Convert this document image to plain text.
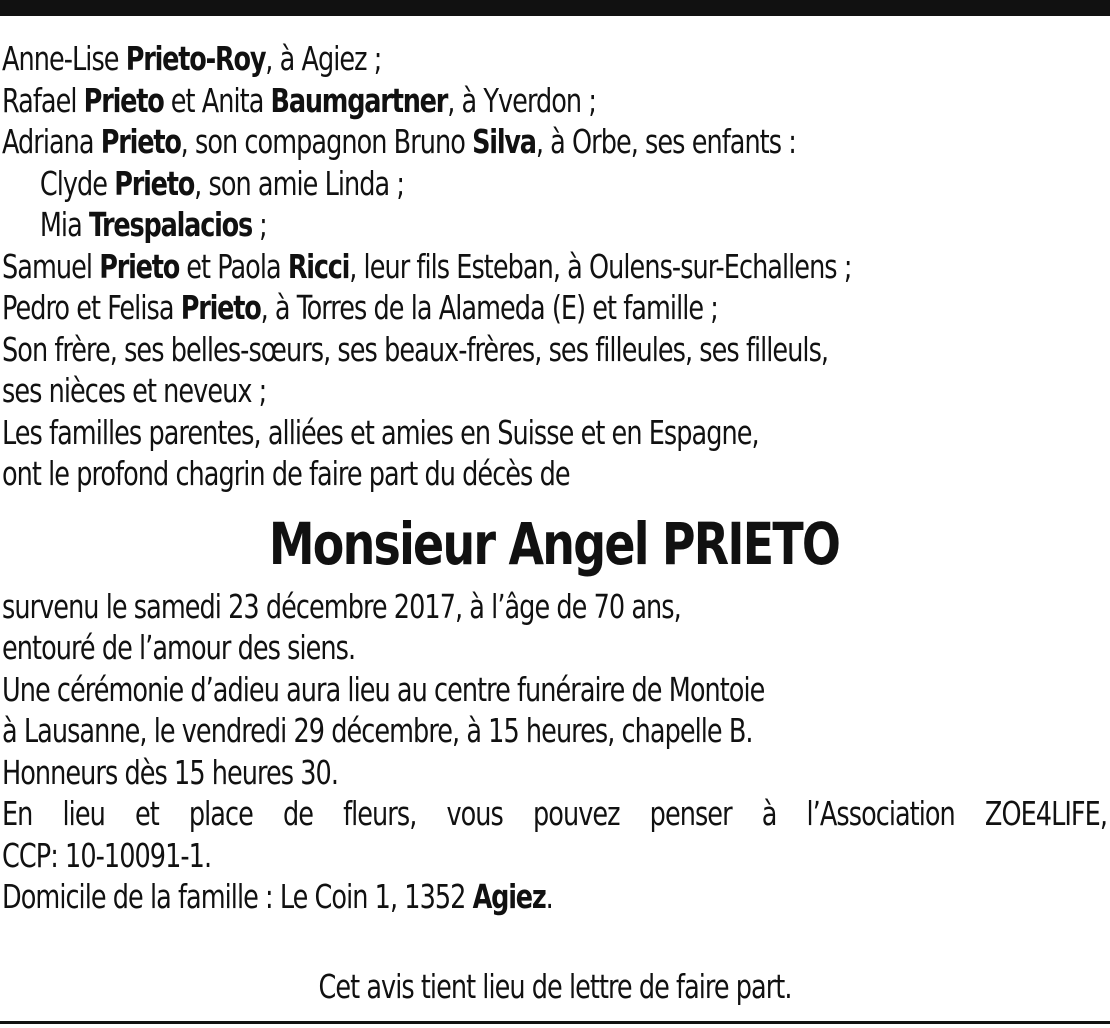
Anne-Lise Prieto-Roy, à Agiez ;
Rafael Prieto et Anita Baumgartner, à Yverdon ;
Adriana Prieto, son compagnon Bruno Silva, à Orbe, ses enfants :
Clyde Prieto, son amie Linda ;
Mia Trespalacios ;
Samuel Prieto et Paola Ricci, leur fils Esteban, à Oulens-sur-Echallens ;
Pedro et Felisa Prieto, à Torres de la Alameda (E) et famille ;
Son frère, ses belles-sœurs, ses beaux-frères, ses filleules, ses filleuls,
ses nièces et neveux ;
Les familles parentes, alliées et amies en Suisse et en Espagne,
ont le profond chagrin de faire part du décès de
Monsieur Angel PRIETO
survenu le samedi 23 décembre 2017, à l’âge de 70 ans,
entouré de l’amour des siens.
Une cérémonie d’adieu aura lieu au centre funéraire de Montoie
à Lausanne, le vendredi 29 décembre, à 15 heures, chapelle B.
Honneurs dès 15 heures 30.
En lieu et place de fleurs, vous pouvez penser à l’Association ZOE4LIFE,
CCP: 10-10091-1.
Domicile de la famille : Le Coin 1, 1352 Agiez.
Cet avis tient lieu de lettre de faire part.
